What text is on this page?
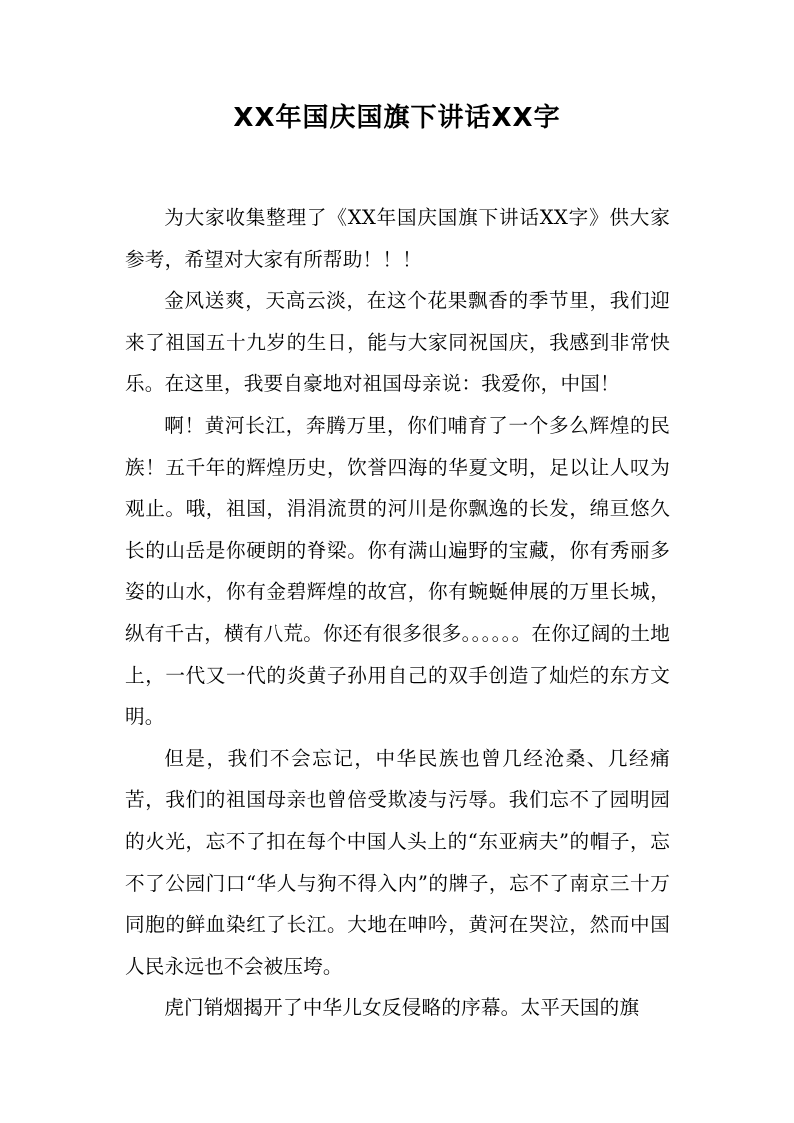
XX年国庆国旗下讲话XX字

为大家收集整理了《XX年国庆国旗下讲话XX字》供大家参考，希望对大家有所帮助！！！

金风送爽，天高云淡，在这个花果飘香的季节里，我们迎来了祖国五十九岁的生日，能与大家同祝国庆，我感到非常快乐。在这里，我要自豪地对祖国母亲说：我爱你，中国！

啊！黄河长江，奔腾万里，你们哺育了一个多么辉煌的民族！五千年的辉煌历史，饮誉四海的华夏文明，足以让人叹为观止。哦，祖国，涓涓流贯的河川是你飘逸的长发，绵亘悠久长的山岳是你硬朗的脊梁。你有满山遍野的宝藏，你有秀丽多姿的山水，你有金碧辉煌的故宫，你有蜿蜒伸展的万里长城，纵有千古，横有八荒。你还有很多很多。。。。。。在你辽阔的土地上，一代又一代的炎黄子孙用自己的双手创造了灿烂的东方文明。

但是，我们不会忘记，中华民族也曾几经沧桑、几经痛苦，我们的祖国母亲也曾倍受欺凌与污辱。我们忘不了园明园的火光，忘不了扣在每个中国人头上的“东亚病夫”的帽子，忘不了公园门口“华人与狗不得入内”的牌子，忘不了南京三十万同胞的鲜血染红了长江。大地在呻吟，黄河在哭泣，然而中国人民永远也不会被压垮。

虎门销烟揭开了中华儿女反侵略的序幕。太平天国的旗
